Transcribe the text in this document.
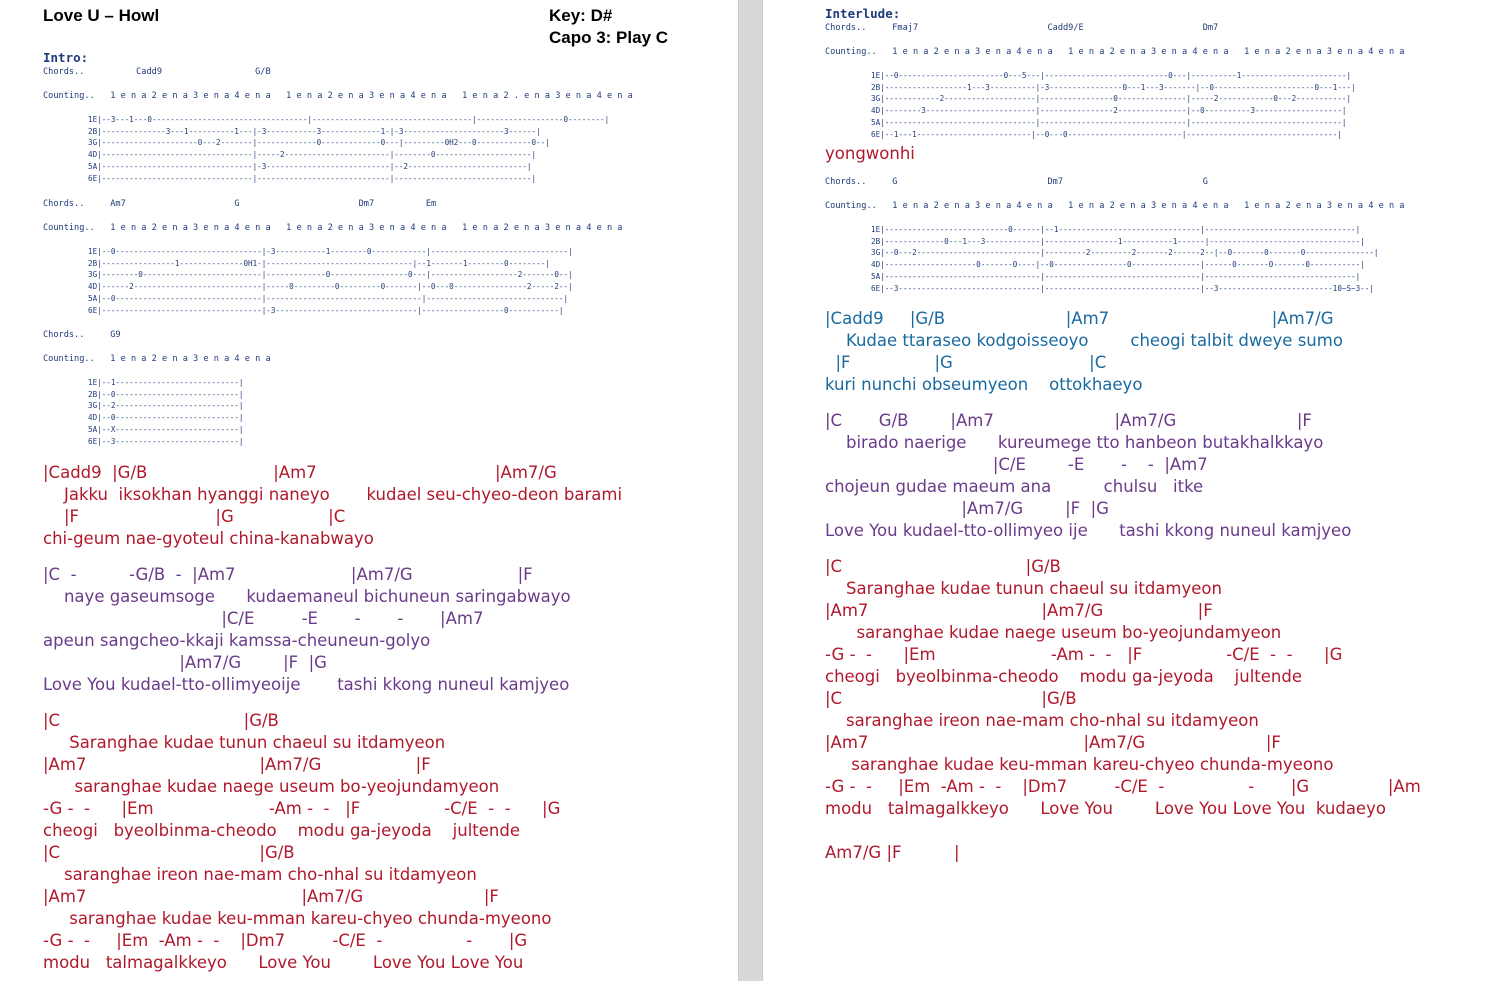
Love U – Howl	Key: D#
Capo 3: Play C
Intro:
Chords..          Cadd9                  G/B
Counting..   1 e n a 2 e n a 3 e n a 4 e n a   1 e n a 2 e n a 3 e n a 4 e n a   1 e n a 2 . e n a 3 e n a 4 e n a
1E|--3---1---0----------------------------------|-----------------------------------|-------------------0--------|
2B|--------------3---1----------1---|-3-----------3-------------1-|-3----------------------3------|
3G|---------------------0---2-------|-------------0-------------0---|---------0H2---0------------0--|
4D|---------------------------------|-----2-----------------------|--------0---------------------|
5A|---------------------------------|-3---------------------------|--2--------------------------|
6E|---------------------------------|-----------------------------|------------------------------|
Chords..     Am7                     G                       Dm7          Em
Counting..   1 e n a 2 e n a 3 e n a 4 e n a   1 e n a 2 e n a 3 e n a 4 e n a   1 e n a 2 e n a 3 e n a 4 e n a
1E|--0--------------------------------|-3-----------1--------0------------|------------------------------|
2B|----------------1--------------0H1-|--------------------------------|--1-------1--------0--------|
3G|--------0--------------------------|-------------0-----------------0---|-------------------2-------0--|
4D|------2----------------------------|-----0---------0---------0-------|--0---0----------------2-----2--|
5A|--0--------------------------------|----------------------------------|------------------------------|
6E|-----------------------------------|-3-------------------------------|------------------0-----------|
Chords..     G9
Counting..   1 e n a 2 e n a 3 e n a 4 e n a
1E|--1---------------------------|
2B|--0---------------------------|
3G|--2---------------------------|
4D|--0---------------------------|
5A|--X---------------------------|
6E|--3---------------------------|
|Cadd9  |G/B                        |Am7                                  |Am7/G
Jakku  iksokhan hyanggi naneyo       kudael seu-chyeo-deon barami
|F                          |G                  |C
chi-geum nae-gyoteul china-kanabwayo
|C  -          -G/B  -  |Am7                      |Am7/G                    |F
naye gaseumsoge      kudaemaneul bichuneun saringabwayo
|C/E         -E       -       -       |Am7
apeun sangcheo-kkaji kamssa-cheuneun-golyo
|Am7/G        |F  |G
Love You kudael-tto-ollimyeoije       tashi kkong nuneul kamjyeo
|C                                   |G/B
Saranghae kudae tunun chaeul su itdamyeon
|Am7                                 |Am7/G                  |F
saranghae kudae naege useum bo-yeojundamyeon
-G -  -      |Em                      -Am -  -   |F                -C/E  -  -      |G
cheogi   byeolbinma-cheodo    modu ga-jeyoda    jultende
|C                                      |G/B
saranghae ireon nae-mam cho-nhal su itdamyeon
|Am7                                         |Am7/G                       |F
saranghae kudae keu-mman kareu-chyeo chunda-myeono
-G -  -     |Em  -Am -  -    |Dm7         -C/E  -                -       |G
modu   talmagalkkeyo      Love You        Love You Love You
Interlude:
Chords..     Fmaj7                         Cadd9/E                       Dm7
Counting..   1 e n a 2 e n a 3 e n a 4 e n a   1 e n a 2 e n a 3 e n a 4 e n a   1 e n a 2 e n a 3 e n a 4 e n a
1E|--0-----------------------0---5---|---------------------------0---|----------1-----------------------|
2B|------------------1---3----------|-3----------------0---1---3-------|--0----------------------0---1---|
3G|------------2--------------------|----------------0---------------|-----2------------0---2-----------|
4D|--------3------------------------|----------------2---------------|--0----------3-------------------|
5A|---------------------------------|--------------------------------|---------------------------------|
6E|--1---1-------------------------|--0---0-------------------------|---------------------------------|
yongwonhi
Chords..     G                             Dm7                           G
Counting..   1 e n a 2 e n a 3 e n a 4 e n a   1 e n a 2 e n a 3 e n a 4 e n a   1 e n a 2 e n a 3 e n a 4 e n a
1E|---------------------------0------|--1-------------------------------|---------------------------------|
2B|-------------0---1---3------------|----------------1-----------1------|---------------------------------|
3G|--0---2---------------------------|---------2---------2-------2------2--|--0-------0-------0---------------|
4D|--------------------0-------0----|--0----------------0---------------|------0-------0-------0-----------|
5A|----------------------------------|----------------------------------|---------------------------------|
6E|--3-------------------------------|----------------------------------|--3-------------------------10~S~3--|
|Cadd9     |G/B                       |Am7                               |Am7/G
Kudae ttaraseo kodgoisseoyo        cheogi talbit dweye sumo
|F                |G                          |C
kuri nunchi obseumyeon    ottokhaeyo
|C       G/B        |Am7                       |Am7/G                       |F
birado naerige      kureumege tto hanbeon butakhalkkayo
|C/E        -E       -    -  |Am7
chojeun gudae maeum ana          chulsu   itke
|Am7/G        |F  |G
Love You kudael-tto-ollimyeo ije      tashi kkong nuneul kamjyeo
|C                                   |G/B
Saranghae kudae tunun chaeul su itdamyeon
|Am7                                 |Am7/G                  |F
saranghae kudae naege useum bo-yeojundamyeon
-G -  -      |Em                      -Am -  -   |F                -C/E  -  -      |G
cheogi   byeolbinma-cheodo    modu ga-jeyoda    jultende
|C                                      |G/B
saranghae ireon nae-mam cho-nhal su itdamyeon
|Am7                                         |Am7/G                       |F
saranghae kudae keu-mman kareu-chyeo chunda-myeono
-G -  -     |Em  -Am -  -    |Dm7         -C/E  -                -       |G               |Am
modu   talmagalkkeyo      Love You        Love You Love You  kudaeyo
Am7/G |F          |
